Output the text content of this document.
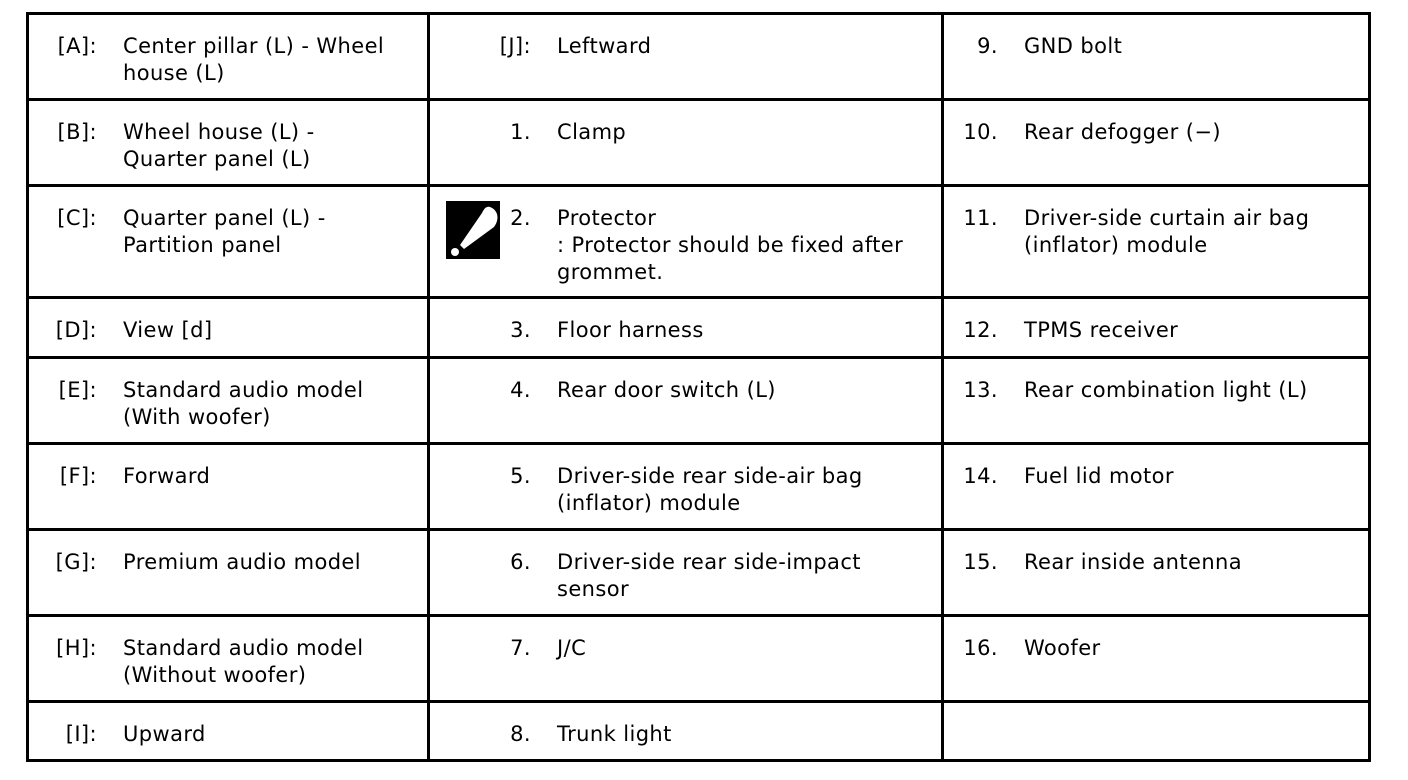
[A]: Center pillar (L) - Wheel
house (L)	[J]: Leftward	9. GND bolt

[B]: Wheel house (L) -
Quarter panel (L)	1. Clamp	10. Rear defogger (−)

[C]: Quarter panel (L) -
Partition panel	2. Protector
: Protector should be fixed after
grommet.	11. Driver-side curtain air bag
(inflator) module

[D]: View [d]	3. Floor harness	12. TPMS receiver

[E]: Standard audio model
(With woofer)	4. Rear door switch (L)	13. Rear combination light (L)

[F]: Forward	5. Driver-side rear side-air bag
(inflator) module	14. Fuel lid motor

[G]: Premium audio model	6. Driver-side rear side-impact
sensor	15. Rear inside antenna

[H]: Standard audio model
(Without woofer)	7. J/C	16. Woofer

[I]: Upward	8. Trunk light	
